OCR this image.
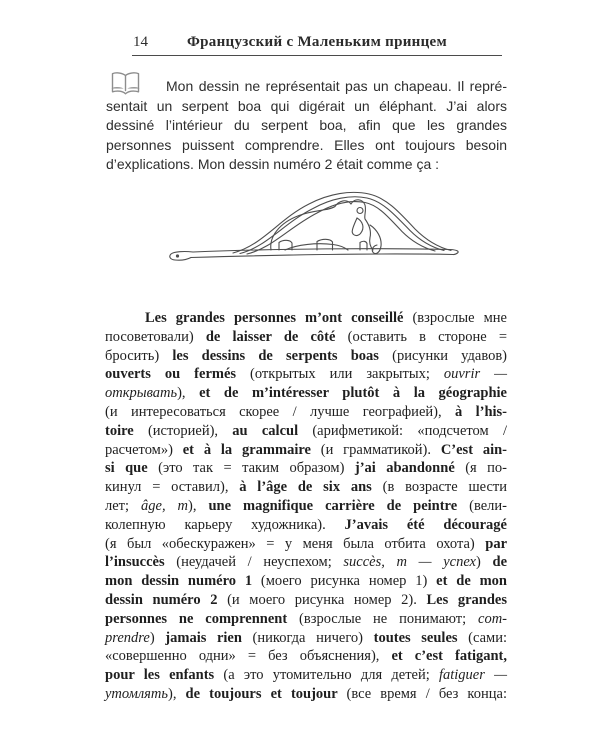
14	Французский с Маленьким принцем
Mon dessin ne représentait pas un chapeau. Il repré-
sentait un serpent boa qui digérait un éléphant. J’ai alors
dessiné l’intérieur du serpent boa, afin que les grandes
personnes puissent comprendre. Elles ont toujours besoin
d’explications. Mon dessin numéro 2 était comme ça :
Les grandes personnes m’ont conseillé (взрослые мне
посоветовали) de laisser de côté (оставить в стороне =
бросить) les dessins de serpents boas (рисунки удавов)
ouverts ou fermés (открытых или закрытых; ouvrir —
открывать), et de m’intéresser plutôt à la géographie
(и интересоваться скорее / лучше географией), à l’his-
toire (историей), au calcul (арифметикой: «подсчетом /
расчетом») et à la grammaire (и грамматикой). C’est ain-
si que (это так = таким образом) j’ai abandonné (я по-
кинул = оставил), à l’âge de six ans (в возрасте шести
лет; âge, m), une magnifique carrière de peintre (вели-
колепную карьеру художника). J’avais été découragé
(я был «обескуражен» = у меня была отбита охота) par
l’insuccès (неудачей / неуспехом; succès, m — успех) de
mon dessin numéro 1 (моего рисунка номер 1) et de mon
dessin numéro 2 (и моего рисунка номер 2). Les grandes
personnes ne comprennent (взрослые не понимают; com-
prendre) jamais rien (никогда ничего) toutes seules (сами:
«совершенно одни» = без объяснения), et c’est fatigant,
pour les enfants (а это утомительно для детей; fatiguer —
утомлять), de toujours et toujour (все время / без конца:
